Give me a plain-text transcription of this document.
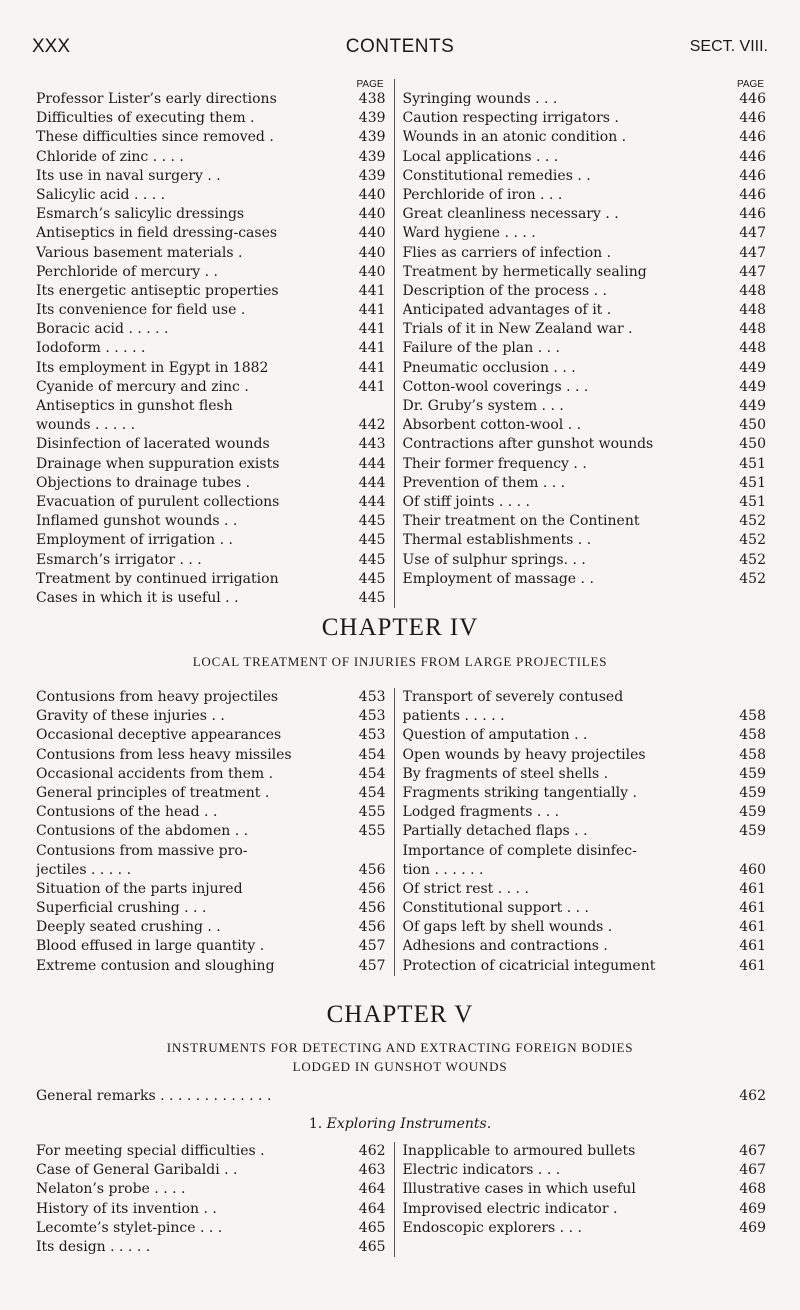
XXX	CONTENTS	SECT. VIII.
PAGE
Professor Lister’s early directions	438
Difficulties of executing them .	439
These difficulties since removed .	439
Chloride of zinc . . . .	439
Its use in naval surgery . .	439
Salicylic acid . . . .	440
Esmarch’s salicylic dressings	440
Antiseptics in field dressing-cases	440
Various basement materials .	440
Perchloride of mercury . .	440
Its energetic antiseptic properties	441
Its convenience for field use .	441
Boracic acid . . . . .	441
Iodoform . . . . .	441
Its employment in Egypt in 1882	441
Cyanide of mercury and zinc .	441
Antiseptics in gunshot flesh
wounds . . . . .	442
Disinfection of lacerated wounds	443
Drainage when suppuration exists	444
Objections to drainage tubes .	444
Evacuation of purulent collections	444
Inflamed gunshot wounds . .	445
Employment of irrigation . .	445
Esmarch’s irrigator . . .	445
Treatment by continued irrigation	445
Cases in which it is useful . .	445
PAGE
Syringing wounds . . .	446
Caution respecting irrigators .	446
Wounds in an atonic condition .	446
Local applications . . .	446
Constitutional remedies . .	446
Perchloride of iron . . .	446
Great cleanliness necessary . .	446
Ward hygiene . . . .	447
Flies as carriers of infection .	447
Treatment by hermetically sealing	447
Description of the process . .	448
Anticipated advantages of it .	448
Trials of it in New Zealand war .	448
Failure of the plan . . .	448
Pneumatic occlusion . . .	449
Cotton-wool coverings . . .	449
Dr. Gruby’s system . . .	449
Absorbent cotton-wool . .	450
Contractions after gunshot wounds	450
Their former frequency . .	451
Prevention of them . . .	451
Of stiff joints . . . .	451
Their treatment on the Continent	452
Thermal establishments . .	452
Use of sulphur springs. . .	452
Employment of massage . .	452
CHAPTER IV
LOCAL TREATMENT OF INJURIES FROM LARGE PROJECTILES
Contusions from heavy projectiles	453
Gravity of these injuries . .	453
Occasional deceptive appearances	453
Contusions from less heavy missiles	454
Occasional accidents from them .	454
General principles of treatment .	454
Contusions of the head . .	455
Contusions of the abdomen . .	455
Contusions from massive pro-
jectiles . . . . .	456
Situation of the parts injured	456
Superficial crushing . . .	456
Deeply seated crushing . .	456
Blood effused in large quantity .	457
Extreme contusion and sloughing	457
Transport of severely contused
patients . . . . .	458
Question of amputation . .	458
Open wounds by heavy projectiles	458
By fragments of steel shells .	459
Fragments striking tangentially .	459
Lodged fragments . . .	459
Partially detached flaps . .	459
Importance of complete disinfec-
tion . . . . . .	460
Of strict rest . . . .	461
Constitutional support . . .	461
Of gaps left by shell wounds .	461
Adhesions and contractions .	461
Protection of cicatricial integument	461
CHAPTER V
INSTRUMENTS FOR DETECTING AND EXTRACTING FOREIGN BODIES
LODGED IN GUNSHOT WOUNDS
General remarks . . . . . . . . . . . . .	462
1. Exploring Instruments.
For meeting special difficulties .	462
Case of General Garibaldi . .	463
Nelaton’s probe . . . .	464
History of its invention . .	464
Lecomte’s stylet-pince . . .	465
Its design . . . . .	465
Inapplicable to armoured bullets	467
Electric indicators . . .	467
Illustrative cases in which useful	468
Improvised electric indicator .	469
Endoscopic explorers . . .	469
